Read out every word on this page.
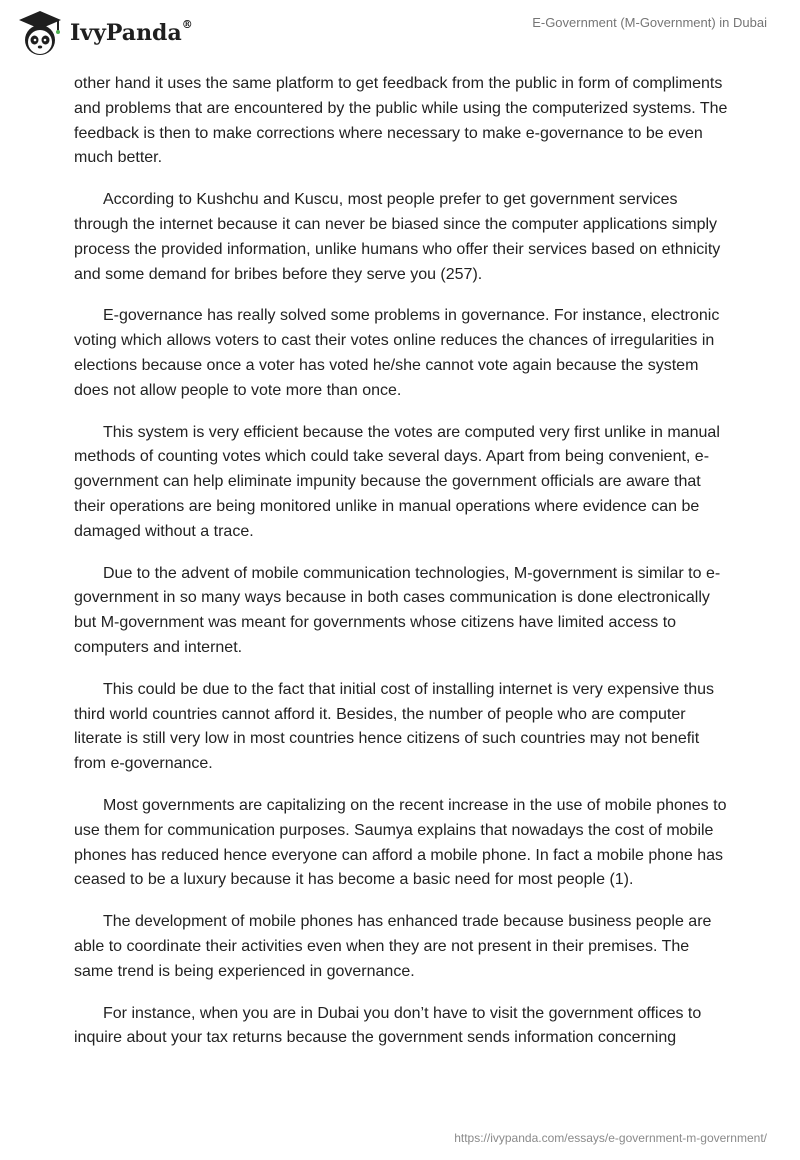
IvyPanda®	E-Government (M-Government) in Dubai

other hand it uses the same platform to get feedback from the public in form of compliments and problems that are encountered by the public while using the computerized systems. The feedback is then to make corrections where necessary to make e-governance to be even much better.

According to Kushchu and Kuscu, most people prefer to get government services through the internet because it can never be biased since the computer applications simply process the provided information, unlike humans who offer their services based on ethnicity and some demand for bribes before they serve you (257).

E-governance has really solved some problems in governance. For instance, electronic voting which allows voters to cast their votes online reduces the chances of irregularities in elections because once a voter has voted he/she cannot vote again because the system does not allow people to vote more than once.

This system is very efficient because the votes are computed very first unlike in manual methods of counting votes which could take several days. Apart from being convenient, e-government can help eliminate impunity because the government officials are aware that their operations are being monitored unlike in manual operations where evidence can be damaged without a trace.

Due to the advent of mobile communication technologies, M-government is similar to e-government in so many ways because in both cases communication is done electronically but M-government was meant for governments whose citizens have limited access to computers and internet.

This could be due to the fact that initial cost of installing internet is very expensive thus third world countries cannot afford it. Besides, the number of people who are computer literate is still very low in most countries hence citizens of such countries may not benefit from e-governance.

Most governments are capitalizing on the recent increase in the use of mobile phones to use them for communication purposes. Saumya explains that nowadays the cost of mobile phones has reduced hence everyone can afford a mobile phone. In fact a mobile phone has ceased to be a luxury because it has become a basic need for most people (1).

The development of mobile phones has enhanced trade because business people are able to coordinate their activities even when they are not present in their premises. The same trend is being experienced in governance.

For instance, when you are in Dubai you don’t have to visit the government offices to inquire about your tax returns because the government sends information concerning

https://ivypanda.com/essays/e-government-m-government/
